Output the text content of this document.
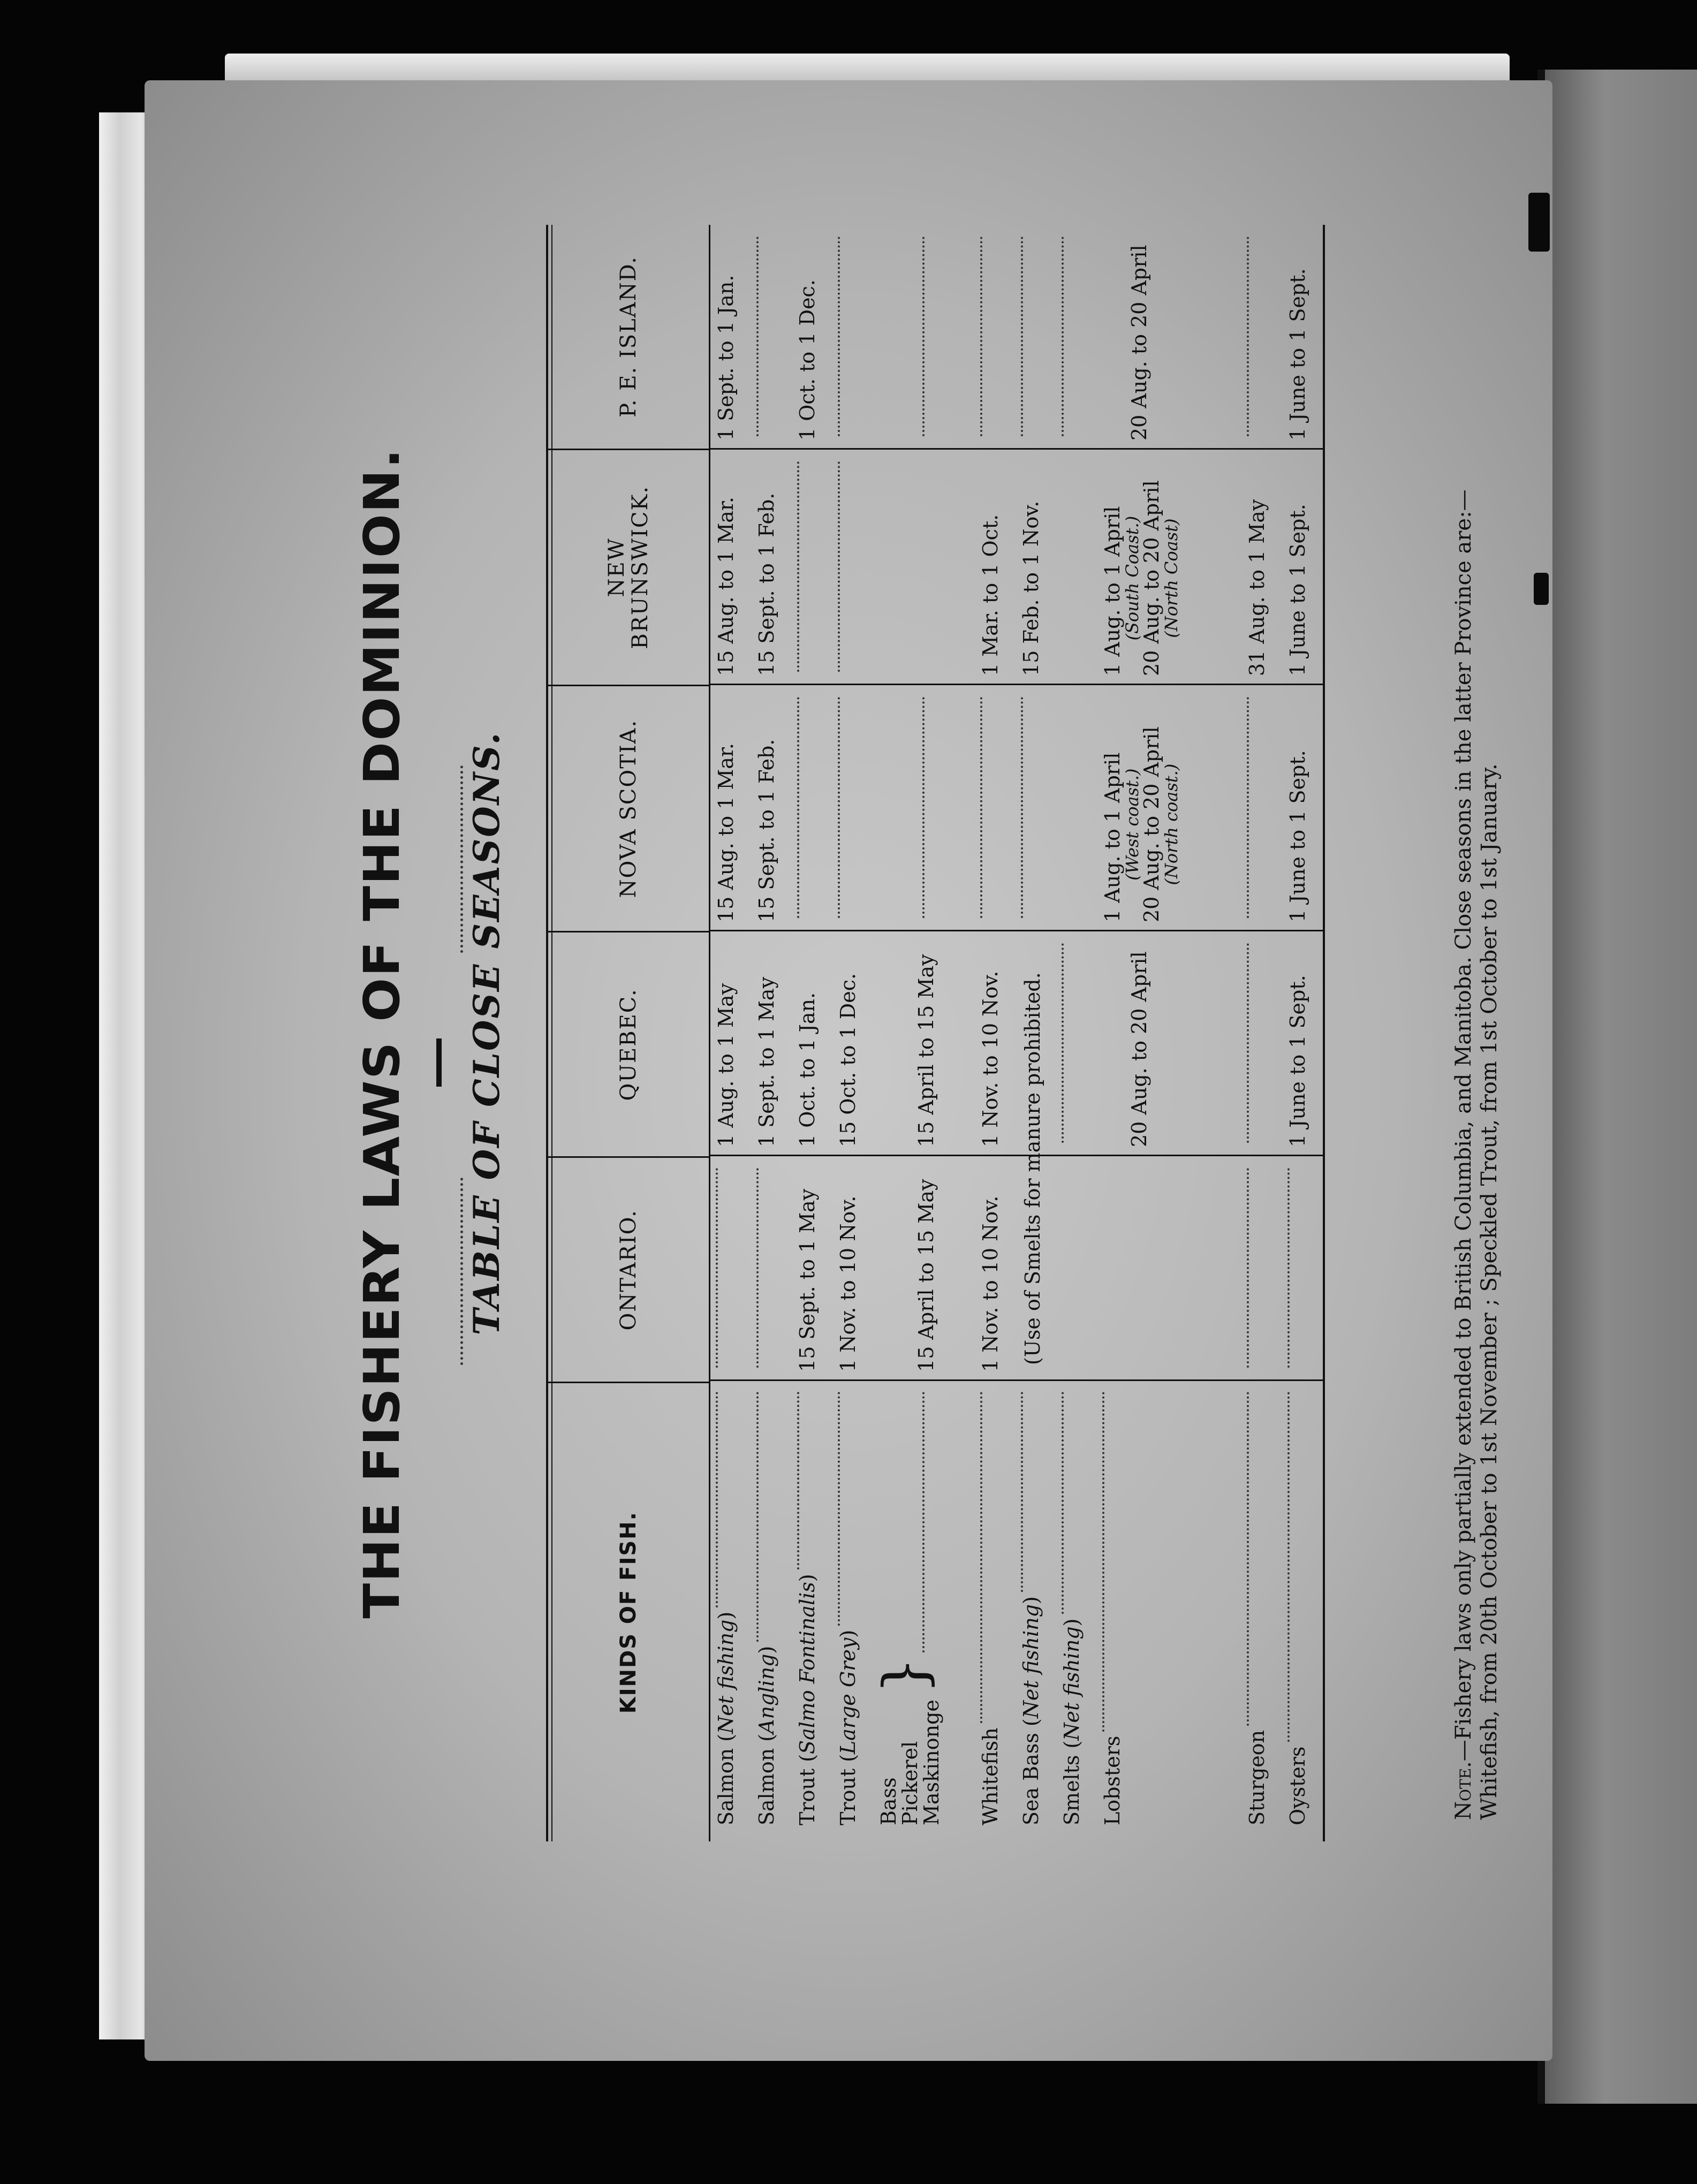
THE FISHERY LAWS OF THE DOMINION. TABLE OF CLOSE SEASONS.
KINDS OF FISH.
ONTARIO.
QUEBEC.
NOVA SCOTIA.
NEW
BRUNSWICK.
P. E. ISLAND.
Salmon (
Net fishing
)
1 Aug. to 1 May
15 Aug. to 1 Mar.
15 Aug. to 1 Mar.
1 Sept. to 1 Jan.
Salmon (
Angling
)
1 Sept. to 1 May
15 Sept. to 1 Feb.
15 Sept. to 1 Feb.
Trout (
Salmo Fontinalis
)
15 Sept. to 1 May
1 Oct. to 1 Jan.
1 Oct. to 1 Dec.
Trout (
Large Grey
)
1 Nov. to 10 Nov.
15 Oct. to 1 Dec.
Bass
Pickerel
Maskinonge
}
15 April to 15 May
15 April to 15 May
Whitefish
1 Nov. to 10 Nov.
1 Nov. to 10 Nov.
1 Mar. to 1 Oct.
Sea Bass (
Net fishing
)
15 Feb. to 1 Nov.
(Use of Smelts for manure prohibited.
Smelts (
Net fishing
)
Lobsters
20 Aug. to 20 April
1 Aug. to 1 April
(West coast.)
20 Aug. to 20 April
(North coast.)
1 Aug. to 1 April
(South Coast.)
20 Aug. to 20 April
(North Coast)
20 Aug. to 20 April
Sturgeon
31 Aug. to 1 May
Oysters
1 June to 1 Sept.
1 June to 1 Sept.
1 June to 1 Sept.
1 June to 1 Sept.
Note.—Fishery laws only partially extended to British Columbia, and Manitoba. Close seasons in the latter Province are:— Whitefish, from 20th October to 1st November ; Speckled Trout, from 1st October to 1st January.
